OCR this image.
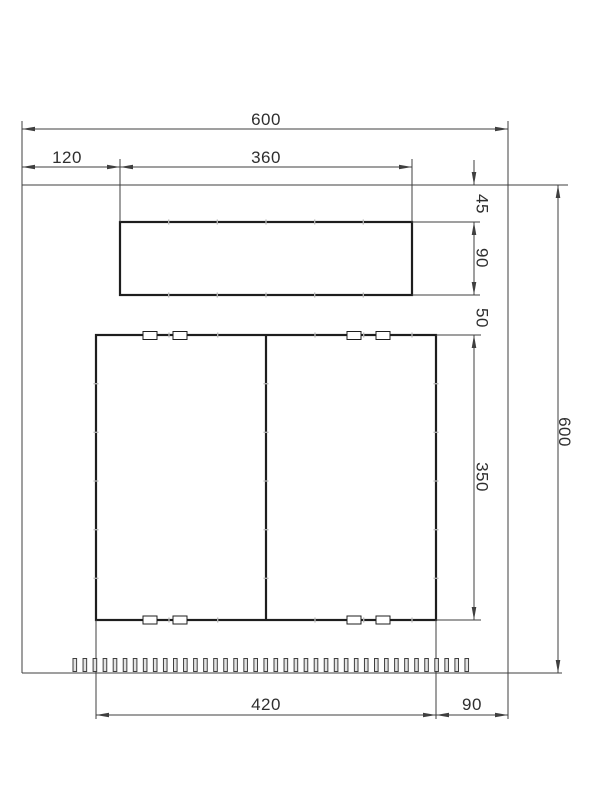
600
120	360
45
90
50
350
600
420	90
